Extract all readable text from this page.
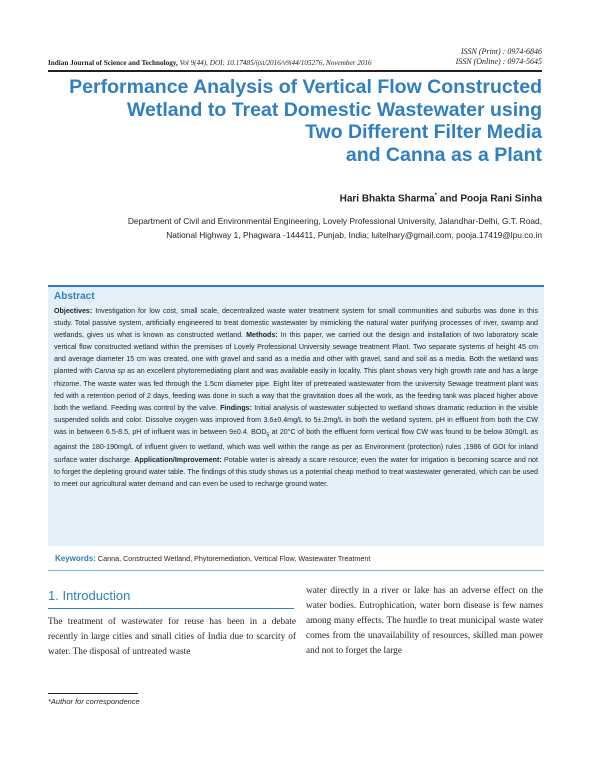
ISSN (Print) : 0974-6846
ISSN (Online) : 0974-5645
Indian Journal of Science and Technology, Vol 9(44), DOI: 10.17485/ijst/2016/v9i44/105276, November 2016
Performance Analysis of Vertical Flow Constructed
Wetland to Treat Domestic Wastewater using
Two Different Filter Media
and Canna as a Plant
Hari Bhakta Sharma* and Pooja Rani Sinha
Department of Civil and Environmental Engineering, Lovely Professional University, Jalandhar-Delhi, G.T. Road,
National Highway 1, Phagwara -144411, Punjab, India; luitelhary@gmail.com, pooja.17419@lpu.co.in
Abstract
Objectives: Investigation for low cost, small scale, decentralized waste water treatment system for small communities and suburbs was done in this study. Total passive system, artificially engineered to treat domestic wastewater by mimicking the natural water purifying processes of river, swamp and wetlands, gives us what is known as constructed wetland. Methods: In this paper, we carried out the design and installation of two laboratory scale vertical flow constructed wetland within the premises of Lovely Professional University sewage treatment Plant. Two separate systems of height 45 cm and average diameter 15 cm was created, one with gravel and sand as a media and other with gravel, sand and soil as a media. Both the wetland was planted with Canna sp as an excellent phytoremediating plant and was available easily in locality. This plant shows very high growth rate and has a large rhizome. The waste water was fed through the 1.5cm diameter pipe. Eight liter of pretreated wastewater from the university Sewage treatment plant was fed with a retention period of 2 days, feeding was done in such a way that the gravitation does all the work, as the feeding tank was placed higher above both the wetland. Feeding was control by the valve. Findings: Initial analysis of wastewater subjected to wetland shows dramatic reduction in the visible suspended solids and color. Dissolve oxygen was improved from 3.6±0.4mg/L to 5±.2mg/L in both the wetland system. pH in effluent from both the CW was in between 6.5-8.5, pH of influent was in between 9±0.4. $BOD_5$ at 20°C of both the effluent form vertical flow CW was found to be below 30mg/L as against the 180-190mg/L of influent given to wetland, which was well within the range as per as Environment (protection) rules ,1986 of GOI for inland surface water discharge. Application/Improvement: Potable water is already a scare resource; even the water for irrigation is becoming scarce and not to forget the depleting ground water table. The findings of this study shows us a potential cheap method to treat wastewater generated, which can be used to meet our agricultural water demand and can even be used to recharge ground water.
Keywords: Canna, Constructed Wetland, Phytoremediation, Vertical Flow, Wastewater Treatment
1. Introduction
The treatment of wastewater for reuse has been in a debate recently in large cities and small cities of India due to scarcity of water. The disposal of untreated waste
water directly in a river or lake has an adverse effect on the water bodies. Eutrophication, water born disease is few names among many effects. The hurdle to treat municipal waste water comes from the unavailability of resources, skilled man power and not to forget the large
*Author for correspondence
